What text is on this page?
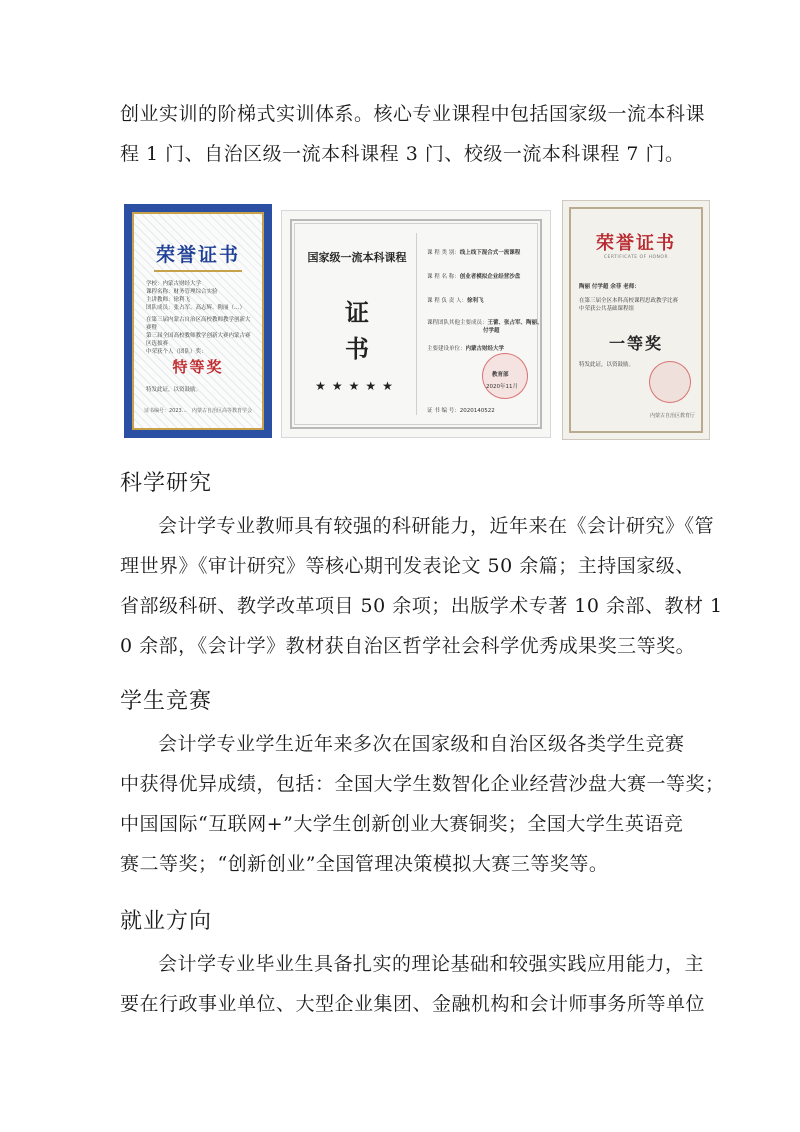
创业实训的阶梯式实训体系。核心专业课程中包括国家级一流本科课
程 1 门、自治区级一流本科课程 3 门、校级一流本科课程 7 门。

荣誉证书
学校：内蒙古财经大学
课程名称：财务管理综合实验
主讲教师：徐利飞
团队成员：张占军、高志辉、陶丽（…）
在第三届内蒙古自治区高校教师教学创新大赛暨
第三届全国高校教师教学创新大赛内蒙古赛区选拔赛
中荣获个人（团队）奖：
特等奖
特发此证，以资鼓励。
证书编号：2023… 内蒙古自治区高等教育学会
国家级一流本科课程
证
书
★★★★★
课 程 类 别：线上线下混合式一流课程
课 程 名 称：创业者模拟企业经营沙盘
课 程 负 责 人：徐利飞
课程团队其他主要成员：王蕾、张占军、陶丽、
付学超
主要建设单位：内蒙古财经大学
教育部
2020年11月
证 书 编 号：2020140522
荣誉证书
CERTIFICATE OF HONOR
陶丽 付学超 余菲 老师：
在第三届全区本科高校课程思政教学比赛
中荣获公共基础课程组
一等奖
特发此证，以资鼓励。
内蒙古自治区教育厅
科学研究

会计学专业教师具有较强的科研能力，近年来在《会计研究》《管
理世界》《审计研究》等核心期刊发表论文 50 余篇；主持国家级、
省部级科研、教学改革项目 50 余项；出版学术专著 10 余部、教材 1
0 余部，《会计学》教材获自治区哲学社会科学优秀成果奖三等奖。

学生竞赛

会计学专业学生近年来多次在国家级和自治区级各类学生竞赛
中获得优异成绩，包括：全国大学生数智化企业经营沙盘大赛一等奖；
中国国际“互联网+”大学生创新创业大赛铜奖；全国大学生英语竞
赛二等奖；“创新创业”全国管理决策模拟大赛三等奖等。

就业方向

会计学专业毕业生具备扎实的理论基础和较强实践应用能力，主
要在行政事业单位、大型企业集团、金融机构和会计师事务所等单位
